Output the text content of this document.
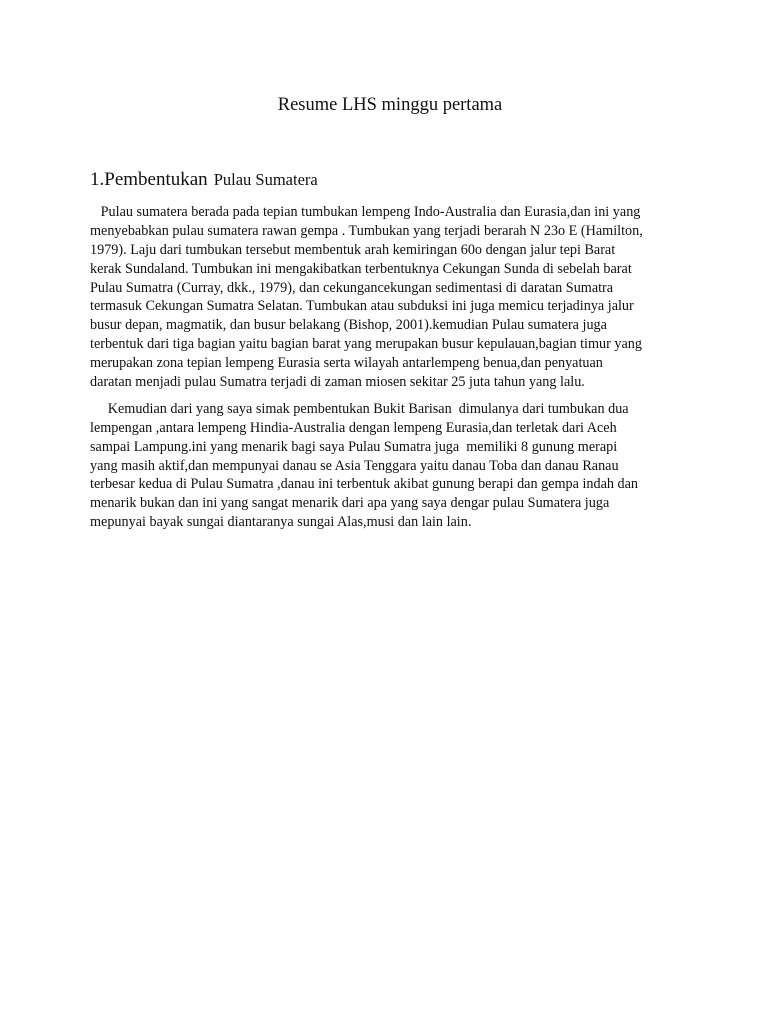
Resume LHS minggu pertama
1.Pembentukan Pulau Sumatera

Pulau sumatera berada pada tepian tumbukan lempeng Indo-Australia dan Eurasia,dan ini yang
menyebabkan pulau sumatera rawan gempa . Tumbukan yang terjadi berarah N 23o E (Hamilton,
1979). Laju dari tumbukan tersebut membentuk arah kemiringan 60o dengan jalur tepi Barat
kerak Sundaland. Tumbukan ini mengakibatkan terbentuknya Cekungan Sunda di sebelah barat
Pulau Sumatra (Curray, dkk., 1979), dan cekungancekungan sedimentasi di daratan Sumatra
termasuk Cekungan Sumatra Selatan. Tumbukan atau subduksi ini juga memicu terjadinya jalur
busur depan, magmatik, dan busur belakang (Bishop, 2001).kemudian Pulau sumatera juga
terbentuk dari tiga bagian yaitu bagian barat yang merupakan busur kepulauan,bagian timur yang
merupakan zona tepian lempeng Eurasia serta wilayah antarlempeng benua,dan penyatuan
daratan menjadi pulau Sumatra terjadi di zaman miosen sekitar 25 juta tahun yang lalu.

Kemudian dari yang saya simak pembentukan Bukit Barisan  dimulanya dari tumbukan dua
lempengan ,antara lempeng Hindia-Australia dengan lempeng Eurasia,dan terletak dari Aceh
sampai Lampung.ini yang menarik bagi saya Pulau Sumatra juga  memiliki 8 gunung merapi
yang masih aktif,dan mempunyai danau se Asia Tenggara yaitu danau Toba dan danau Ranau
terbesar kedua di Pulau Sumatra ,danau ini terbentuk akibat gunung berapi dan gempa indah dan
menarik bukan dan ini yang sangat menarik dari apa yang saya dengar pulau Sumatera juga
mepunyai bayak sungai diantaranya sungai Alas,musi dan lain lain.
